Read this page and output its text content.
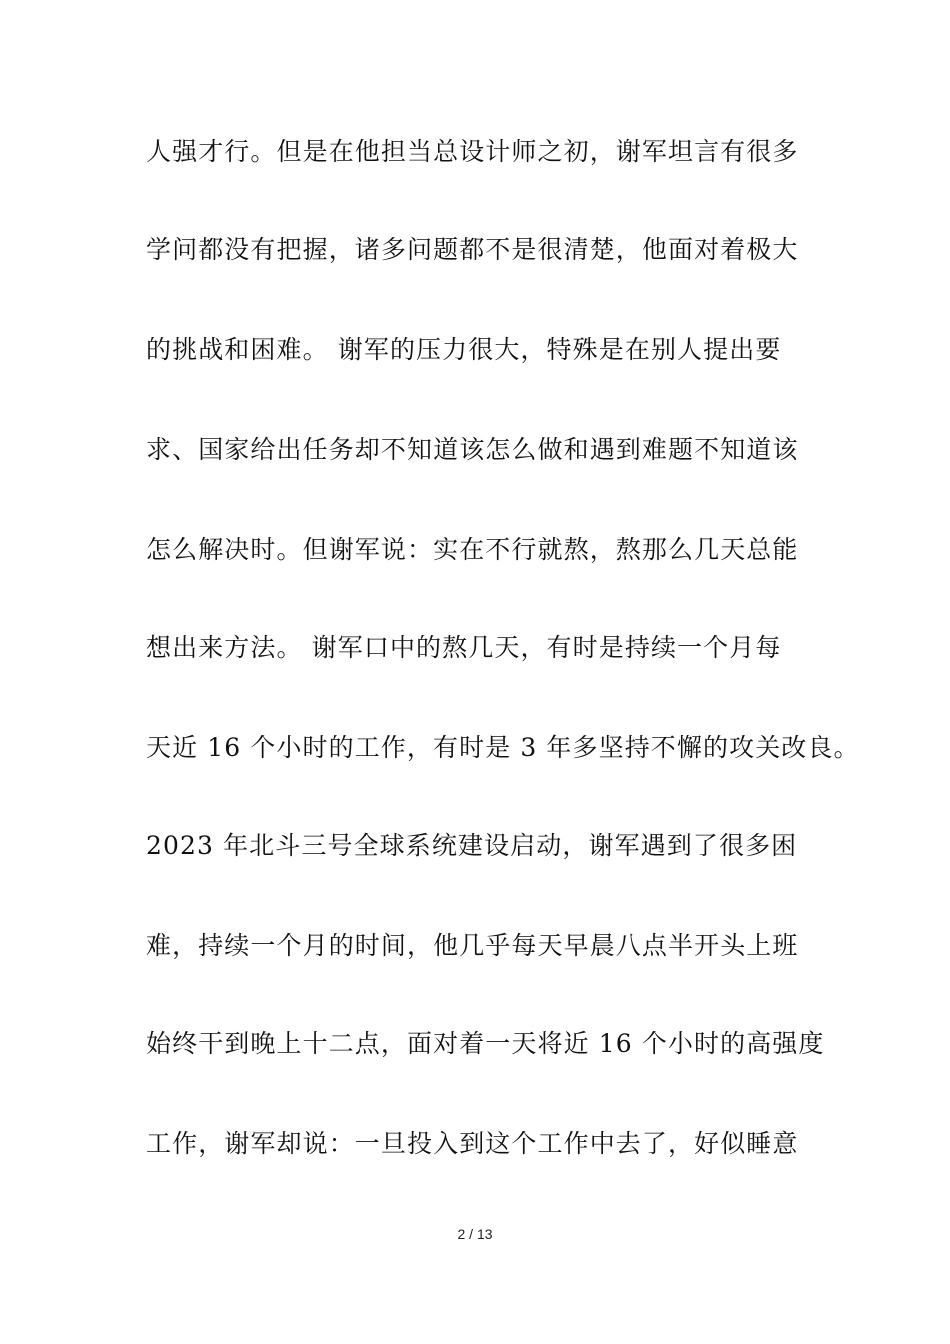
人强才行。但是在他担当总设计师之初，谢军坦言有很多
学问都没有把握，诸多问题都不是很清楚，他面对着极大
的挑战和困难。 谢军的压力很大，特殊是在别人提出要
求、国家给出任务却不知道该怎么做和遇到难题不知道该
怎么解决时。但谢军说：实在不行就熬，熬那么几天总能
想出来方法。 谢军口中的熬几天，有时是持续一个月每
天近 16 个小时的工作，有时是 3 年多坚持不懈的攻关改良。
2023 年北斗三号全球系统建设启动，谢军遇到了很多困
难，持续一个月的时间，他几乎每天早晨八点半开头上班
始终干到晚上十二点，面对着一天将近 16 个小时的高强度
工作，谢军却说：一旦投入到这个工作中去了，好似睡意
2 / 13
